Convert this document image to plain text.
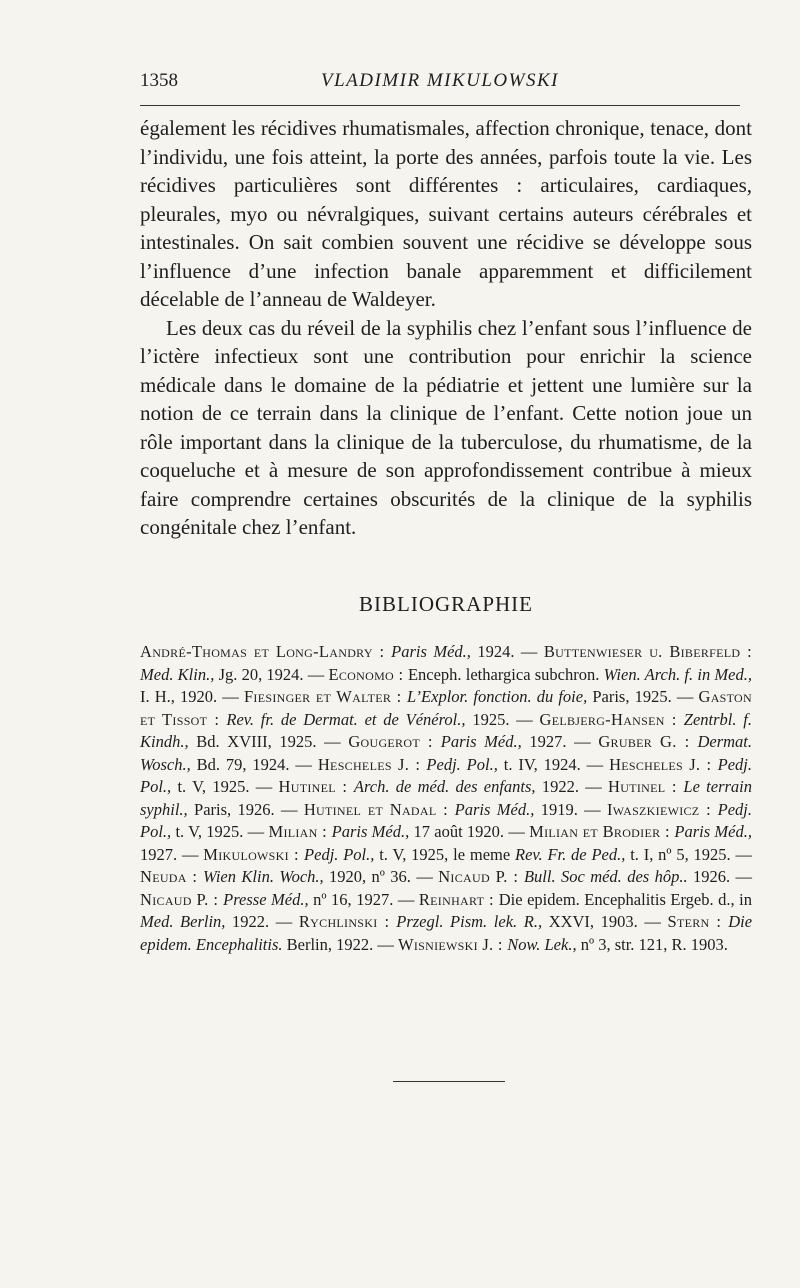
1358	VLADIMIR MIKULOWSKI

également les récidives rhumatismales, affection chronique, tenace, dont l’individu, une fois atteint, la porte des années, parfois toute la vie. Les récidives particulières sont différentes : articulaires, cardiaques, pleurales, myo ou névralgiques, suivant certains auteurs cérébrales et intestinales. On sait combien souvent une récidive se développe sous l’influence d’une infection banale apparemment et difficilement décelable de l’anneau de Waldeyer.

Les deux cas du réveil de la syphilis chez l’enfant sous l’influence de l’ictère infectieux sont une contribution pour enrichir la science médicale dans le domaine de la pédiatrie et jettent une lumière sur la notion de ce terrain dans la clinique de l’enfant. Cette notion joue un rôle important dans la clinique de la tuberculose, du rhumatisme, de la coqueluche et à mesure de son approfondissement contribue à mieux faire comprendre certaines obscurités de la clinique de la syphilis congénitale chez l’enfant.

BIBLIOGRAPHIE
André-Thomas et Long-Landry : Paris Méd., 1924. — Buttenwieser u. Biberfeld : Med. Klin., Jg. 20, 1924. — Economo : Enceph. lethargica subchron. Wien. Arch. f. in Med., I. H., 1920. — Fiesinger et Walter : L’Explor. fonction. du foie, Paris, 1925. — Gaston et Tissot : Rev. fr. de Dermat. et de Vénérol., 1925. — Gelbjerg-Hansen : Zentrbl. f. Kindh., Bd. XVIII, 1925. — Gougerot : Paris Méd., 1927. — Gruber G. : Dermat. Wosch., Bd. 79, 1924. — Hescheles J. : Pedj. Pol., t. IV, 1924. — Hescheles J. : Pedj. Pol., t. V, 1925. — Hutinel : Arch. de méd. des enfants, 1922. — Hutinel : Le terrain syphil., Paris, 1926. — Hutinel et Nadal : Paris Méd., 1919. — Iwaszkiewicz : Pedj. Pol., t. V, 1925. — Milian : Paris Méd., 17 août 1920. — Milian et Brodier : Paris Méd., 1927. — Mikulowski : Pedj. Pol., t. V, 1925, le meme Rev. Fr. de Ped., t. I, nº 5, 1925. — Neuda : Wien Klin. Woch., 1920, nº 36. — Nicaud P. : Bull. Soc méd. des hôp.. 1926. — Nicaud P. : Presse Méd., nº 16, 1927. — Reinhart : Die epidem. Encephalitis Ergeb. d., in Med. Berlin, 1922. — Rychlinski : Przegl. Pism. lek. R., XXVI, 1903. — Stern : Die epidem. Encephalitis. Berlin, 1922. — Wisniewski J. : Now. Lek., nº 3, str. 121, R. 1903.
